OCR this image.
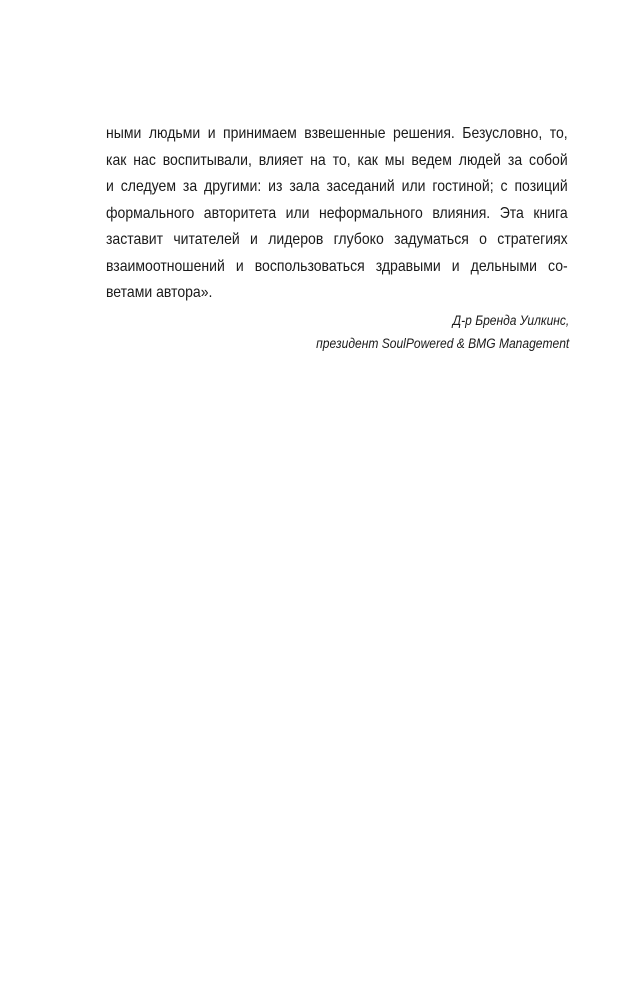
ными людьми и принимаем взвешенные решения. Безусловно, то,
как нас воспитывали, влияет на то, как мы ведем людей за собой
и следуем за другими: из зала заседаний или гостиной; с позиций
формального авторитета или неформального влияния. Эта книга
заставит читателей и лидеров глубоко задуматься о стратегиях
взаимоотношений и воспользоваться здравыми и дельными со-
ветами автора».
Д-р Бренда Уилкинс,
президент SoulPowered & BMG Management
